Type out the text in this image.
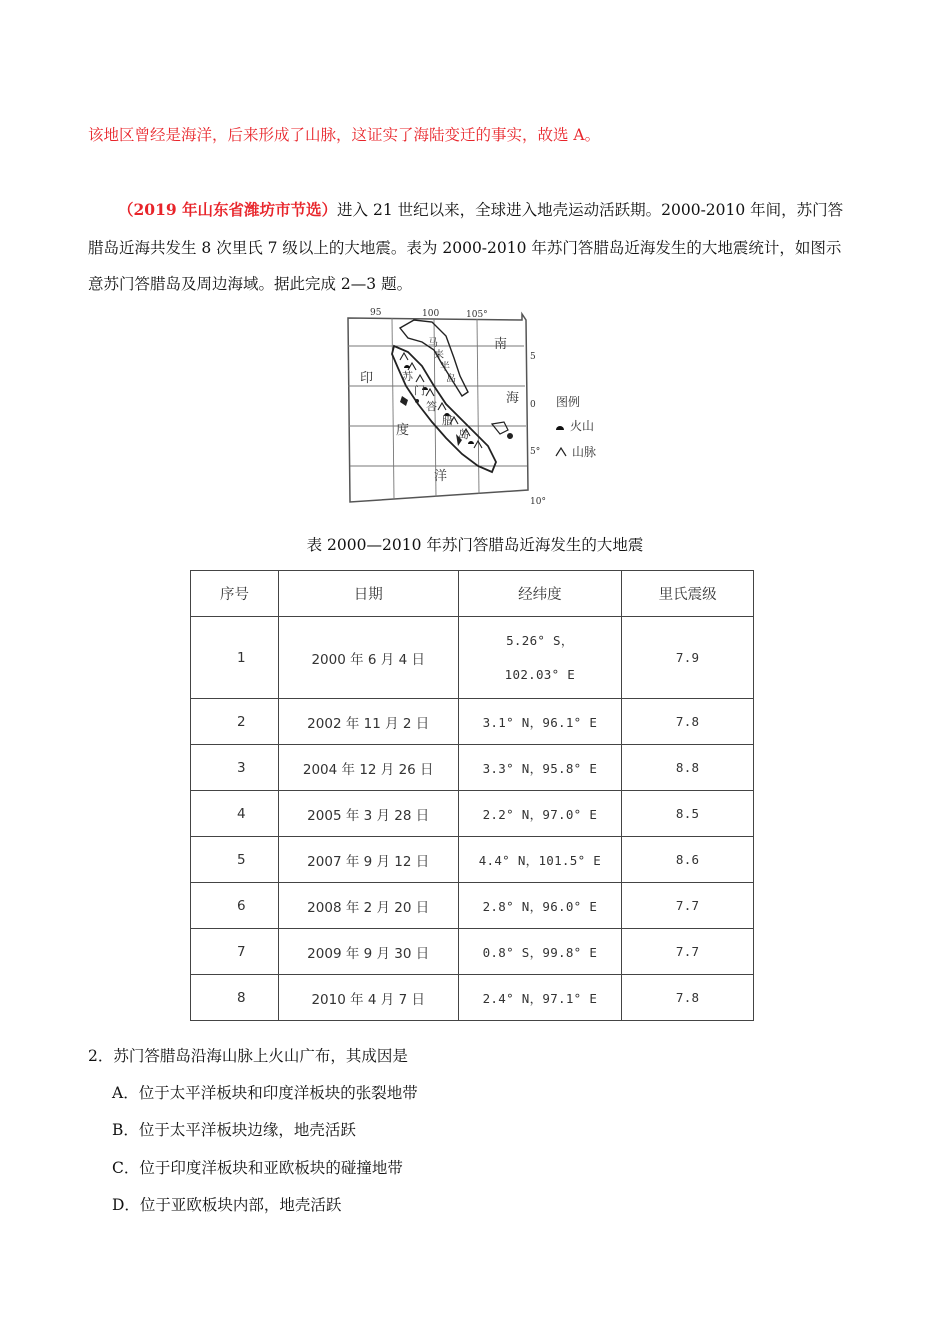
该地区曾经是海洋，后来形成了山脉，这证实了海陆变迁的事实，故选 A。
（2019 年山东省潍坊市节选）进入 21 世纪以来，全球进入地壳运动活跃期。2000-2010 年间，苏门答
腊岛近海共发生 8 次里氏 7 级以上的大地震。表为 2000-2010 年苏门答腊岛近海发生的大地震统计，如图示
意苏门答腊岛及周边海域。据此完成 2—3 题。
95	100	105°
5
0
5°
10°
南
海
印
度
洋
马
来
半
岛
苏
门
答
腊
岛
图例
火山
山脉
表 2000—2010 年苏门答腊岛近海发生的大地震
序号	日期	经纬度	里氏震级
1	2000 年 6 月 4 日	5.26° S，
102.03° E	7.9
2	2002 年 11 月 2 日	3.1° N，96.1° E	7.8
3	2004 年 12 月 26 日	3.3° N，95.8° E	8.8
4	2005 年 3 月 28 日	2.2° N，97.0° E	8.5
5	2007 年 9 月 12 日	4.4° N，101.5° E	8.6
6	2008 年 2 月 20 日	2.8° N，96.0° E	7.7
7	2009 年 9 月 30 日	0.8° S，99.8° E	7.7
8	2010 年 4 月 7 日	2.4° N，97.1° E	7.8
2．苏门答腊岛沿海山脉上火山广布，其成因是
A．位于太平洋板块和印度洋板块的张裂地带
B．位于太平洋板块边缘，地壳活跃
C．位于印度洋板块和亚欧板块的碰撞地带
D．位于亚欧板块内部，地壳活跃
